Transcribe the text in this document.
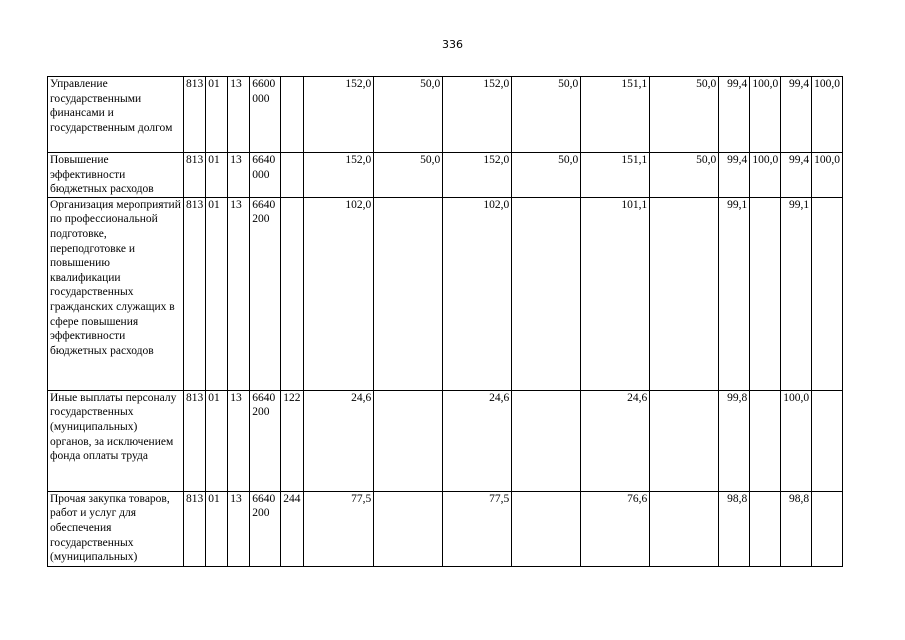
336
Управление государственными финансами и государственным долгом	813	01	13	6600 000		152,0	50,0	152,0	50,0	151,1	50,0	99,4	100,0	99,4	100,0
Повышение эффективности бюджетных расходов	813	01	13	6640 000		152,0	50,0	152,0	50,0	151,1	50,0	99,4	100,0	99,4	100,0
Организация мероприятий по профессиональной подготовке, переподготовке и повышению квалификации государственных гражданских служащих в сфере повышения эффективности бюджетных расходов	813	01	13	6640 200		102,0		102,0		101,1		99,1		99,1	
Иные выплаты персоналу государственных (муниципальных) органов, за исключением фонда оплаты труда	813	01	13	6640 200	122	24,6		24,6		24,6		99,8		100,0	
Прочая закупка товаров, работ и услуг для обеспечения государственных (муниципальных)	813	01	13	6640 200	244	77,5		77,5		76,6		98,8		98,8	
